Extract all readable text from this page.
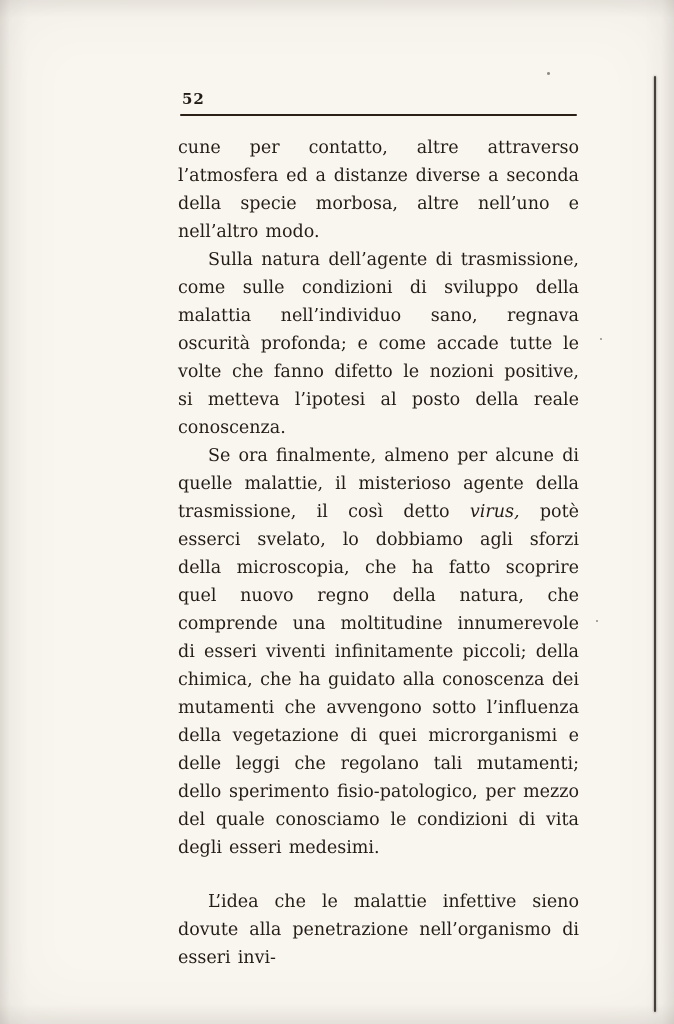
52

cune per contatto, altre attraverso l’atmosfera ed a distanze diverse a seconda della specie morbosa, altre nell’uno e nell’altro modo.

Sulla natura dell’agente di trasmissione, come sulle condizioni di sviluppo della malattia nell’individuo sano, regnava oscurità profonda; e come accade tutte le volte che fanno difetto le nozioni positive, si metteva l’ipotesi al posto della reale conoscenza.

Se ora finalmente, almeno per alcune di quelle malattie, il misterioso agente della trasmissione, il così detto virus, potè esserci svelato, lo dobbiamo agli sforzi della microscopia, che ha fatto scoprire quel nuovo regno della natura, che comprende una moltitudine innumerevole di esseri viventi infinitamente piccoli; della chimica, che ha guidato alla conoscenza dei mutamenti che avvengono sotto l’influenza della vegetazione di quei microrganismi e delle leggi che regolano tali mutamenti; dello sperimento fisio-patologico, per mezzo del quale conosciamo le condizioni di vita degli esseri medesimi.

L’idea che le malattie infettive sieno dovute alla penetrazione nell’organismo di esseri invi-
